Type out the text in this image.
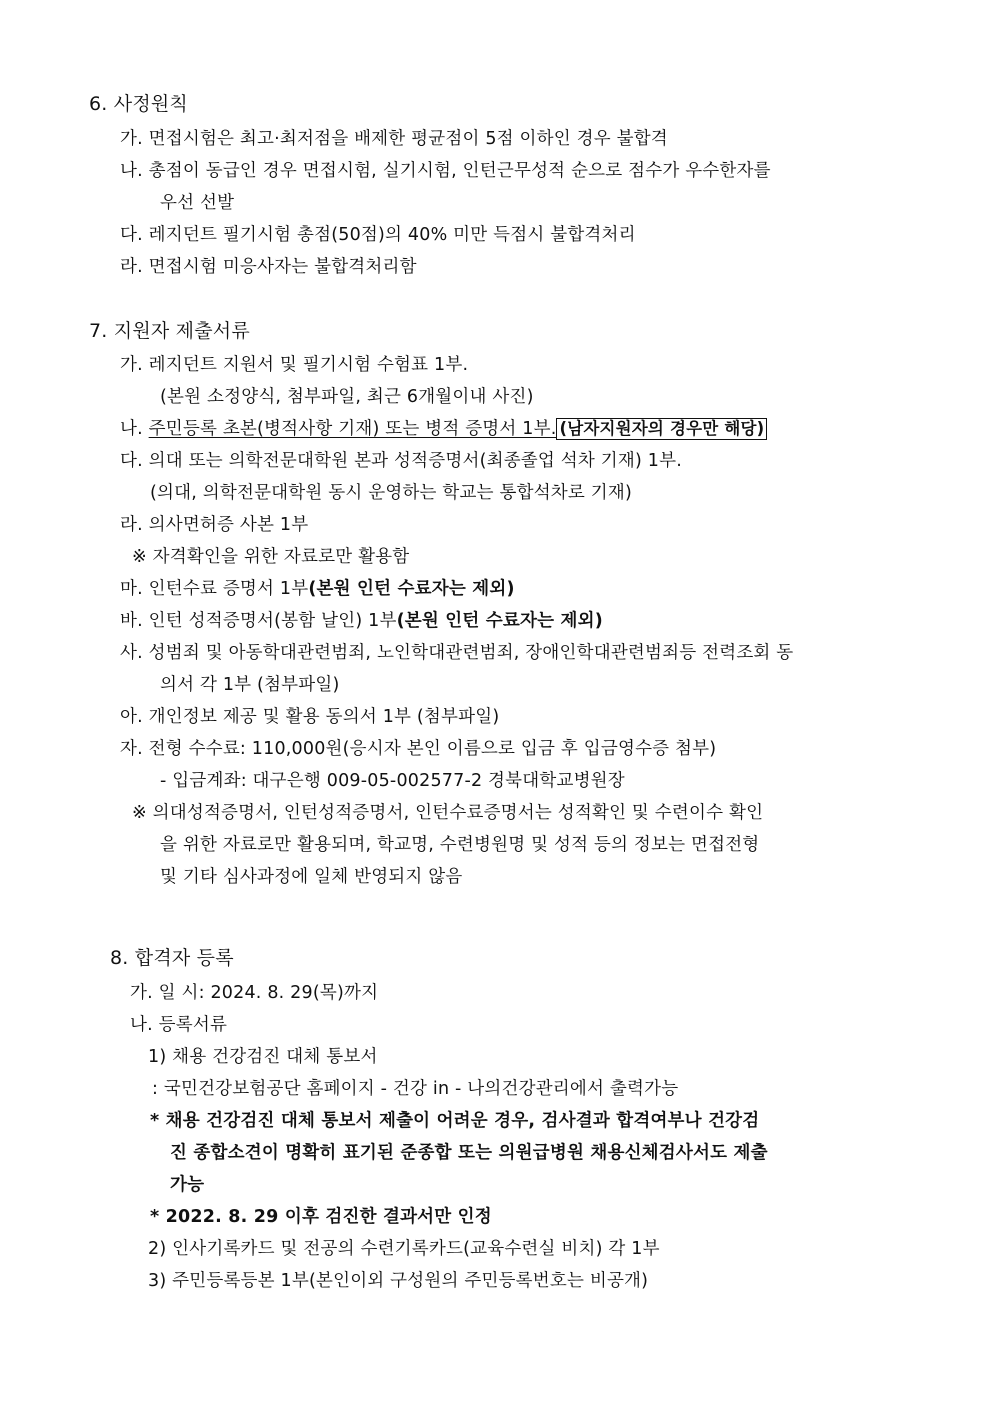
6. 사정원칙
가. 면접시험은 최고·최저점을 배제한 평균점이 5점 이하인 경우 불합격
나. 총점이 동급인 경우 면접시험, 실기시험, 인턴근무성적 순으로 점수가 우수한자를
우선 선발
다. 레지던트 필기시험 총점(50점)의 40% 미만 득점시 불합격처리
라. 면접시험 미응사자는 불합격처리함
7. 지원자 제출서류
가. 레지던트 지원서 및 필기시험 수험표 1부.
(본원 소정양식, 첨부파일, 최근 6개월이내 사진)
나. 주민등록 초본(병적사항 기재) 또는 병적 증명서 1부. (남자지원자의 경우만 해당)
다. 의대 또는 의학전문대학원 본과 성적증명서(최종졸업 석차 기재) 1부.
(의대, 의학전문대학원 동시 운영하는 학교는 통합석차로 기재)
라. 의사면허증 사본 1부
※ 자격확인을 위한 자료로만 활용함
마. 인턴수료 증명서 1부(본원 인턴 수료자는 제외)
바. 인턴 성적증명서(봉함 날인) 1부(본원 인턴 수료자는 제외)
사. 성범죄 및 아동학대관련범죄, 노인학대관련범죄, 장애인학대관련범죄등 전력조회 동
의서 각 1부 (첨부파일)
아. 개인정보 제공 및 활용 동의서 1부 (첨부파일)
자. 전형 수수료: 110,000원(응시자 본인 이름으로 입금 후 입금영수증 첨부)
- 입금계좌: 대구은행 009-05-002577-2 경북대학교병원장
※ 의대성적증명서, 인턴성적증명서, 인턴수료증명서는 성적확인 및 수련이수 확인
을 위한 자료로만 활용되며, 학교명, 수련병원명 및 성적 등의 정보는 면접전형
및 기타 심사과정에 일체 반영되지 않음
8. 합격자 등록
가. 일 시: 2024. 8. 29(목)까지
나. 등록서류
1) 채용 건강검진 대체 통보서
: 국민건강보험공단 홈페이지 - 건강 in - 나의건강관리에서 출력가능
* 채용 건강검진 대체 통보서 제출이 어려운 경우, 검사결과 합격여부나 건강검
진 종합소견이 명확히 표기된 준종합 또는 의원급병원 채용신체검사서도 제출
가능
* 2022. 8. 29 이후 검진한 결과서만 인정
2) 인사기록카드 및 전공의 수련기록카드(교육수련실 비치) 각 1부
3) 주민등록등본 1부(본인이외 구성원의 주민등록번호는 비공개)
